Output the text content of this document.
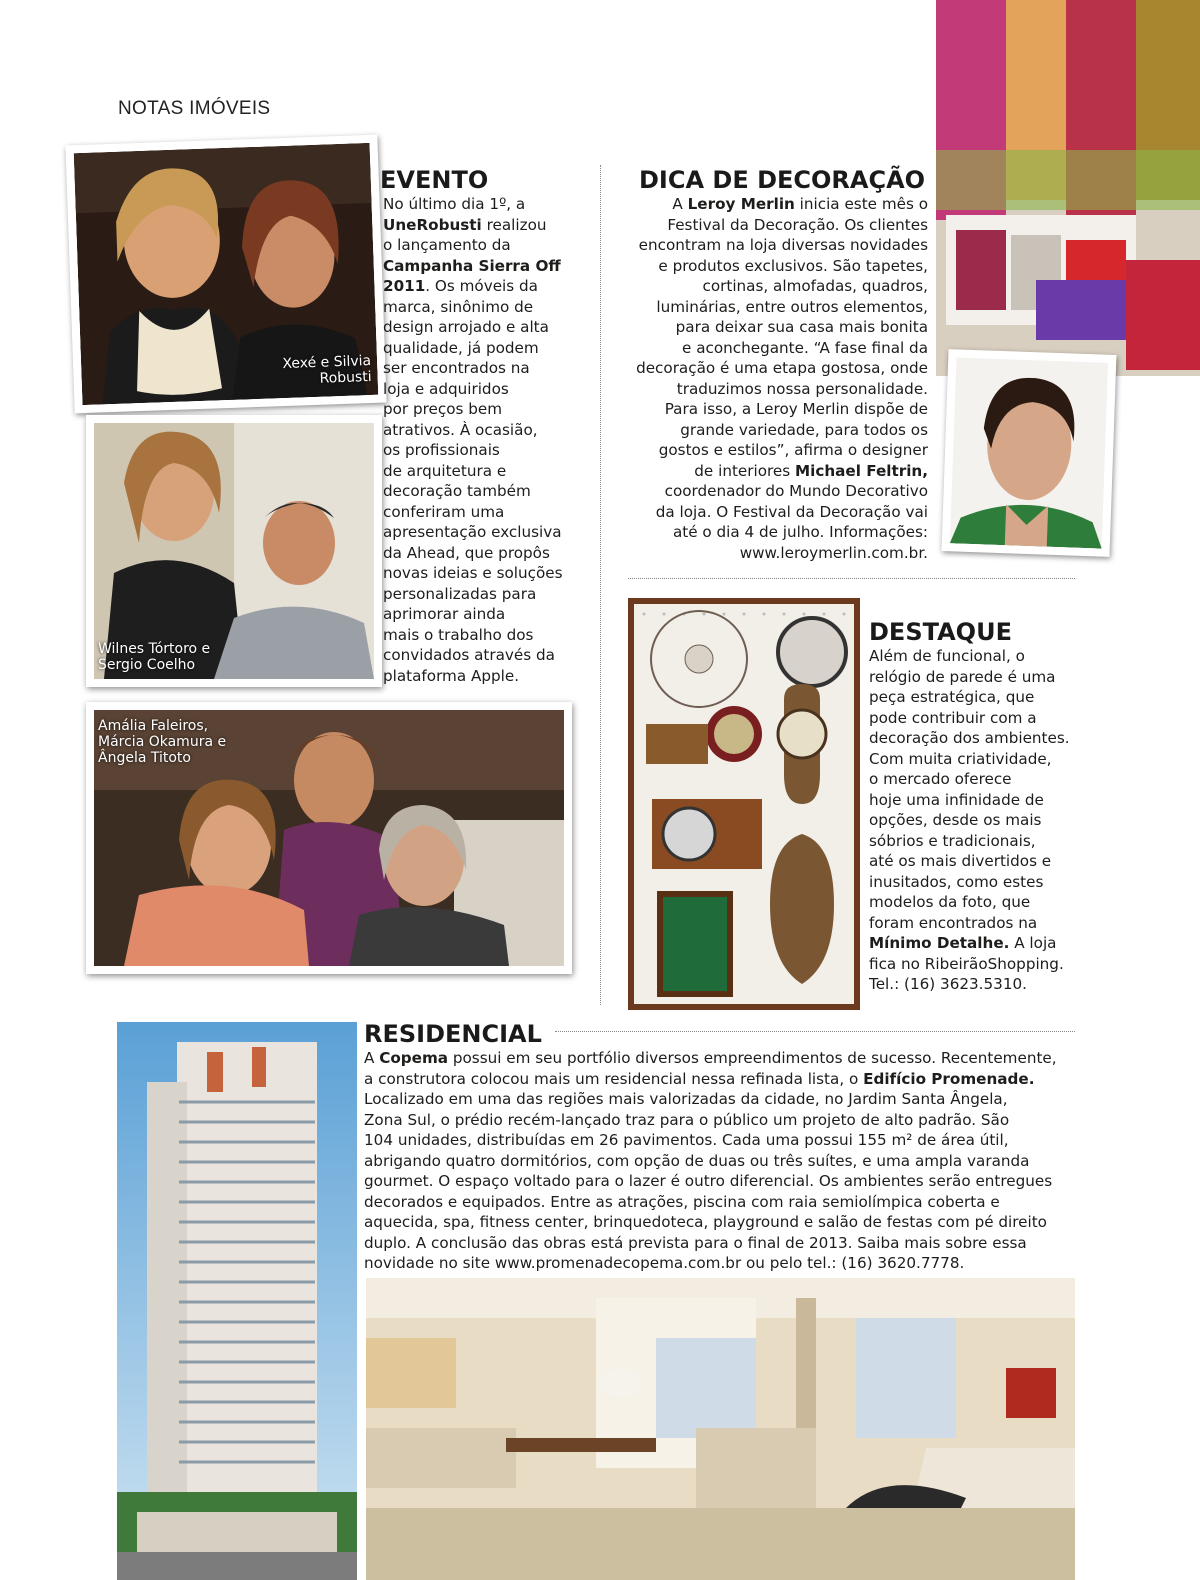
NOTAS IMÓVEIS
Xexé e Silvia Robusti
Wilnes Tórtoro e Sergio Coelho
Amália Faleiros, Márcia Okamura e Ângela Titoto
EVENTO
No último dia 1º, a
UneRobusti realizou
o lançamento da
Campanha Sierra Off
2011. Os móveis da
marca, sinônimo de
design arrojado e alta
qualidade, já podem
ser encontrados na
loja e adquiridos
por preços bem
atrativos. À ocasião,
os profissionais
de arquitetura e
decoração também
conferiram uma
apresentação exclusiva
da Ahead, que propôs
novas ideias e soluções
personalizadas para
aprimorar ainda
mais o trabalho dos
convidados através da
plataforma Apple.
DICA DE DECORAÇÃO
A Leroy Merlin inicia este mês o
Festival da Decoração. Os clientes
encontram na loja diversas novidades
e produtos exclusivos. São tapetes,
cortinas, almofadas, quadros,
luminárias, entre outros elementos,
para deixar sua casa mais bonita
e aconchegante. “A fase final da
decoração é uma etapa gostosa, onde
traduzimos nossa personalidade.
Para isso, a Leroy Merlin dispõe de
grande variedade, para todos os
gostos e estilos”, afirma o designer
de interiores Michael Feltrin,
coordenador do Mundo Decorativo
da loja. O Festival da Decoração vai
até o dia 4 de julho. Informações:
www.leroymerlin.com.br.
DESTAQUE
Além de funcional, o
relógio de parede é uma
peça estratégica, que
pode contribuir com a
decoração dos ambientes.
Com muita criatividade,
o mercado oferece
hoje uma infinidade de
opções, desde os mais
sóbrios e tradicionais,
até os mais divertidos e
inusitados, como estes
modelos da foto, que
foram encontrados na
Mínimo Detalhe. A loja
fica no RibeirãoShopping.
Tel.: (16) 3623.5310.
RESIDENCIAL
A Copema possui em seu portfólio diversos empreendimentos de sucesso. Recentemente,
a construtora colocou mais um residencial nessa refinada lista, o Edifício Promenade.
Localizado em uma das regiões mais valorizadas da cidade, no Jardim Santa Ângela,
Zona Sul, o prédio recém-lançado traz para o público um projeto de alto padrão. São
104 unidades, distribuídas em 26 pavimentos. Cada uma possui 155 m² de área útil,
abrigando quatro dormitórios, com opção de duas ou três suítes, e uma ampla varanda
gourmet. O espaço voltado para o lazer é outro diferencial. Os ambientes serão entregues
decorados e equipados. Entre as atrações, piscina com raia semiolímpica coberta e
aquecida, spa, fitness center, brinquedoteca, playground e salão de festas com pé direito
duplo. A conclusão das obras está prevista para o final de 2013. Saiba mais sobre essa
novidade no site www.promenadecopema.com.br ou pelo tel.: (16) 3620.7778.
